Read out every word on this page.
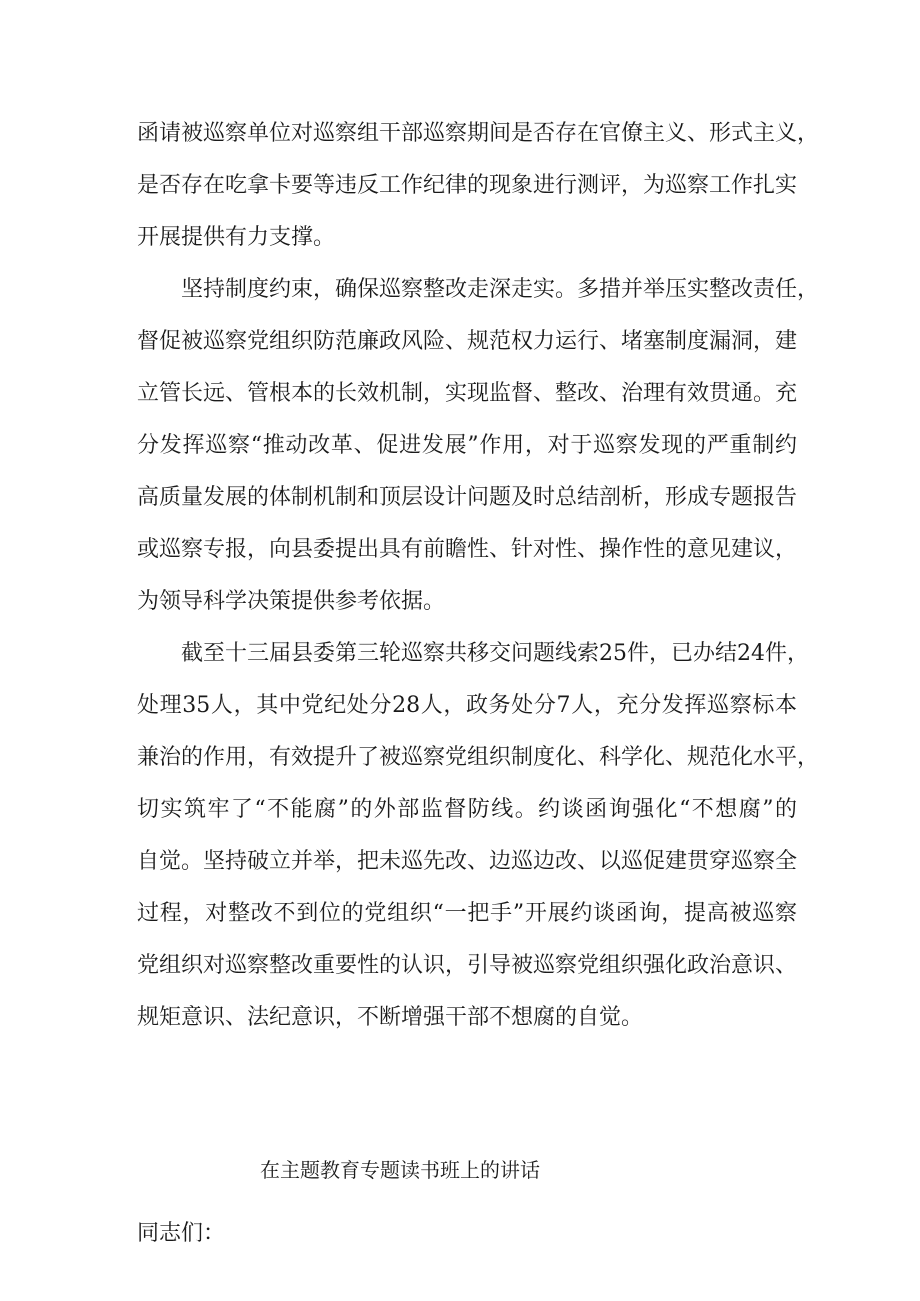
函请被巡察单位对巡察组干部巡察期间是否存在官僚主义、形式主义，
是否存在吃拿卡要等违反工作纪律的现象进行测评，为巡察工作扎实
开展提供有力支撑。
坚持制度约束，确保巡察整改走深走实。多措并举压实整改责任，
督促被巡察党组织防范廉政风险、规范权力运行、堵塞制度漏洞，建
立管长远、管根本的长效机制，实现监督、整改、治理有效贯通。充
分发挥巡察“推动改革、促进发展”作用，对于巡察发现的严重制约
高质量发展的体制机制和顶层设计问题及时总结剖析，形成专题报告
或巡察专报，向县委提出具有前瞻性、针对性、操作性的意见建议，
为领导科学决策提供参考依据。
截至十三届县委第三轮巡察共移交问题线索25件，已办结24件，
处理35人，其中党纪处分28人，政务处分7人，充分发挥巡察标本
兼治的作用，有效提升了被巡察党组织制度化、科学化、规范化水平，
切实筑牢了“不能腐”的外部监督防线。约谈函询强化“不想腐”的
自觉。坚持破立并举，把未巡先改、边巡边改、以巡促建贯穿巡察全
过程，对整改不到位的党组织“一把手”开展约谈函询，提高被巡察
党组织对巡察整改重要性的认识，引导被巡察党组织强化政治意识、
规矩意识、法纪意识，不断增强干部不想腐的自觉。
在主题教育专题读书班上的讲话
同志们：
